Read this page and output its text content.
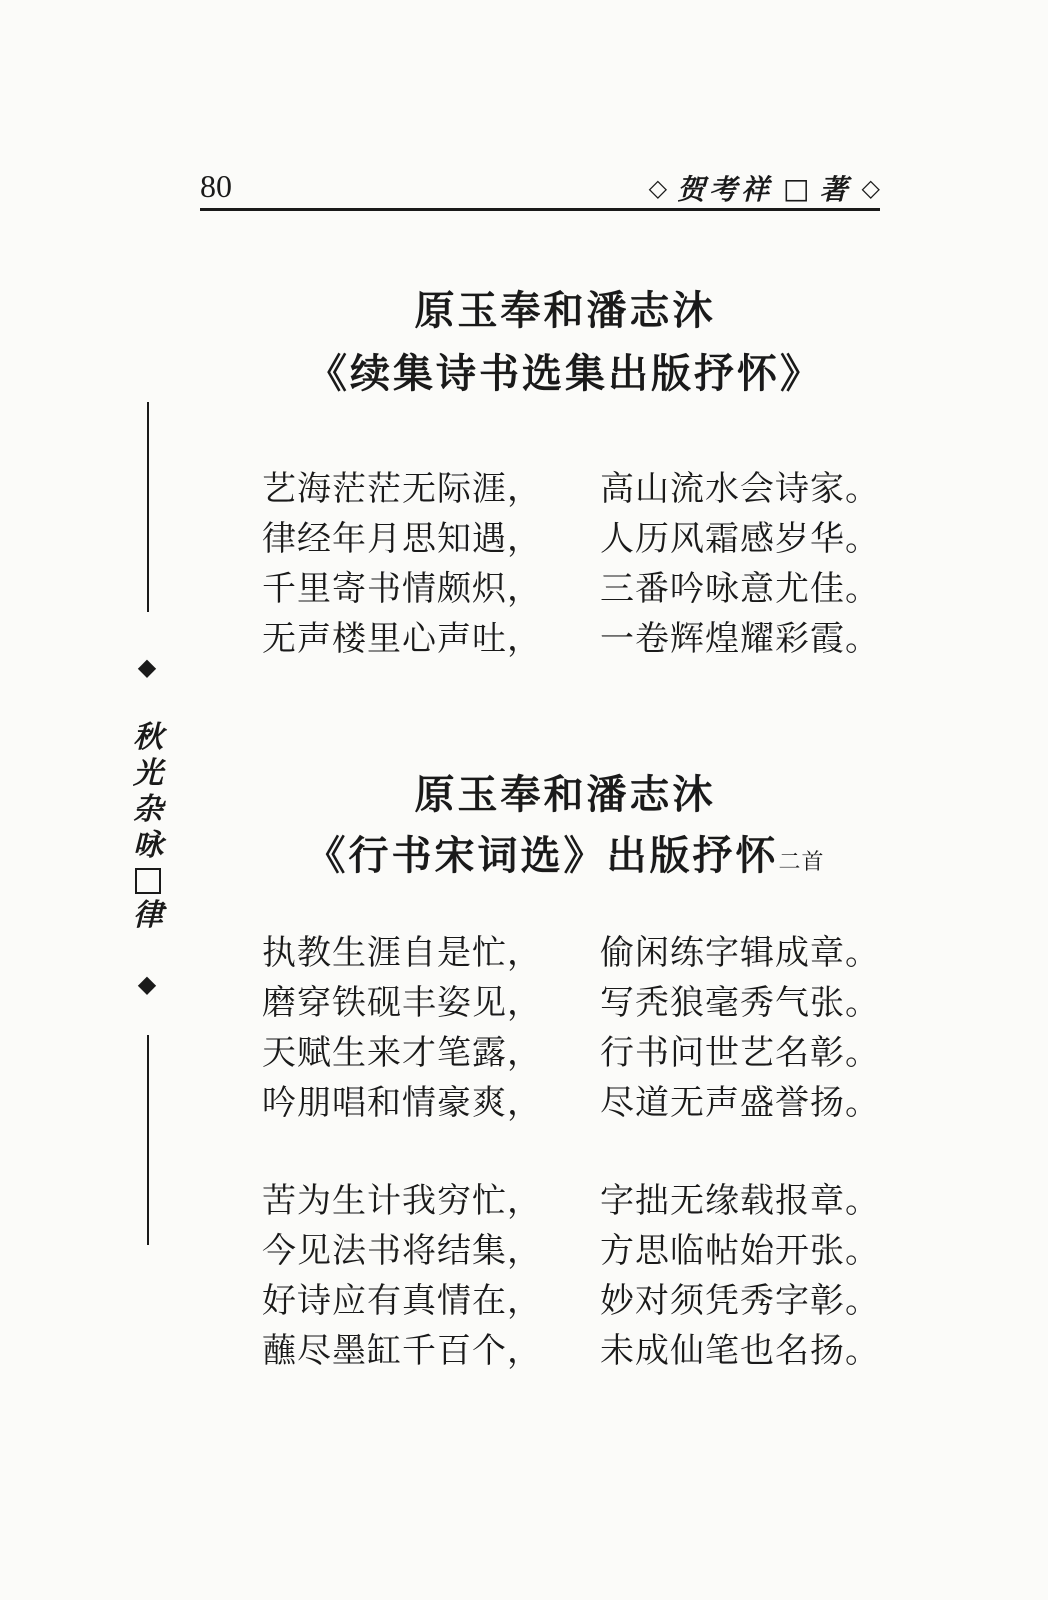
80	◇ 贺考祥 □ 著 ◇
◆
秋
光
杂
咏
律
◆
原玉奉和潘志沐
《续集诗书选集出版抒怀》
艺海茫茫无际涯，	高山流水会诗家。
律经年月思知遇，	人历风霜感岁华。
千里寄书情颇炽，	三番吟咏意尤佳。
无声楼里心声吐，	一卷辉煌耀彩霞。
原玉奉和潘志沐
《行书宋词选》出版抒怀二首
执教生涯自是忙，	偷闲练字辑成章。
磨穿铁砚丰姿见，	写秃狼毫秀气张。
天赋生来才笔露，	行书问世艺名彰。
吟朋唱和情豪爽，	尽道无声盛誉扬。
苦为生计我穷忙，	字拙无缘载报章。
今见法书将结集，	方思临帖始开张。
好诗应有真情在，	妙对须凭秀字彰。
蘸尽墨缸千百个，	未成仙笔也名扬。
